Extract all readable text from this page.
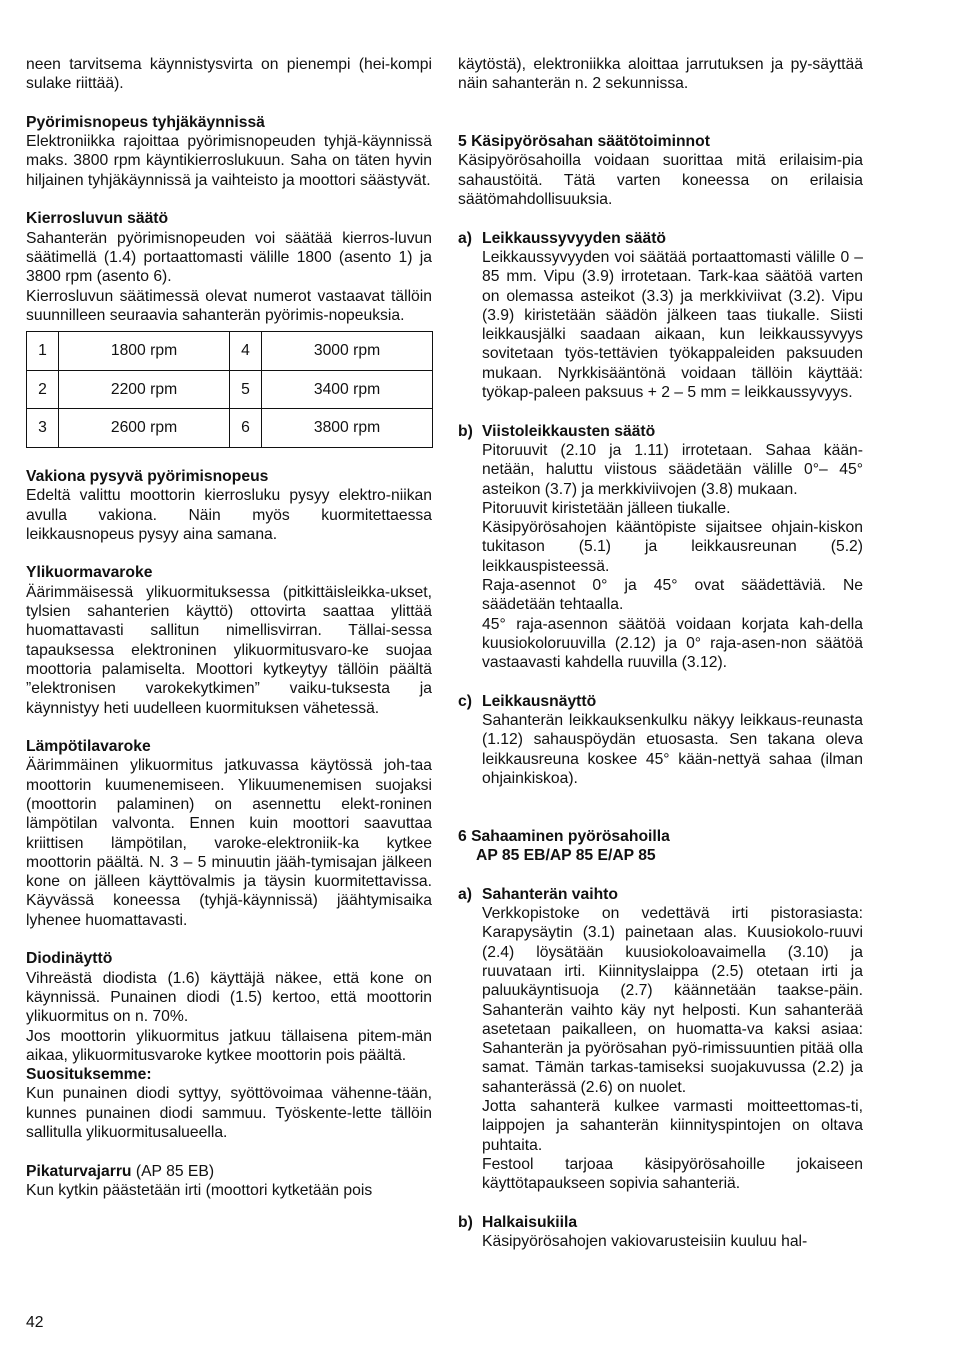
neen tarvitsema käynnistysvirta on pienempi (hei-kompi sulake riittää).

Pyörimisnopeus tyhjäkäynnissä

Elektroniikka rajoittaa pyörimisnopeuden tyhjä-käynnissä maks. 3800 rpm käyntikierroslukuun. Saha on täten hyvin hiljainen tyhjäkäynnissä ja vaihteisto ja moottori säästyvät.

Kierrosluvun säätö

Sahanterän pyörimisnopeuden voi säätää kierros-luvun säätimellä (1.4) portaattomasti välille 1800 (asento 1) ja 3800 rpm (asento 6).

Kierrosluvun säätimessä olevat numerot vastaavat tällöin suunnilleen seuraavia sahanterän pyörimis-nopeuksia.

1	1800 rpm	4	3000 rpm
2	2200 rpm	5	3400 rpm
3	2600 rpm	6	3800 rpm
Vakiona pysyvä pyörimisnopeus

Edeltä valittu moottorin kierrosluku pysyy elektro-niikan avulla vakiona. Näin myös kuormitettaessa leikkausnopeus pysyy aina samana.

Ylikuormavaroke

Äärimmäisessä ylikuormituksessa (pitkittäisleikka-ukset, tylsien sahanterien käyttö) ottovirta saattaa ylittää huomattavasti sallitun nimellisvirran. Tällai-sessa tapauksessa elektroninen ylikuormitusvaro-ke suojaa moottoria palamiselta. Moottori kytkeytyy tällöin päältä ”elektronisen varokekytkimen” vaiku-tuksesta ja käynnistyy heti uudelleen kuormituksen vähetessä.

Lämpötilavaroke

Äärimmäinen ylikuormitus jatkuvassa käytössä joh-taa moottorin kuumenemiseen. Ylikuumenemisen suojaksi (moottorin palaminen) on asennettu elekt-roninen lämpötilan valvonta. Ennen kuin moottori saavuttaa kriittisen lämpötilan, varoke-elektroniik-ka kytkee moottorin päältä. N. 3 – 5 minuutin jääh-tymisajan jälkeen kone on jälleen käyttövalmis ja täysin kuormitettavissa. Käyvässä koneessa (tyhjä-käynnissä) jäähtymisaika lyhenee huomattavasti.

Diodinäyttö

Vihreästä diodista (1.6) käyttäjä näkee, että kone on käynnissä. Punainen diodi (1.5) kertoo, että moottorin ylikuormitus on n. 70%.

Jos moottorin ylikuormitus jatkuu tällaisena pitem-män aikaa, ylikuormitusvaroke kytkee moottorin pois päältä.

Suosituksemme:

Kun punainen diodi syttyy, syöttövoimaa vähenne-tään, kunnes punainen diodi sammuu. Työskente-lette tällöin sallitulla ylikuormitusalueella.

Pikaturvajarru (AP 85 EB)

Kun kytkin päästetään irti (moottori kytketään pois

käytöstä), elektroniikka aloittaa jarrutuksen ja py-säyttää näin sahanterän n. 2 sekunnissa.

5 Käsipyörösahan säätötoiminnot

Käsipyörösahoilla voidaan suorittaa mitä erilaisim-pia sahaustöitä. Tätä varten koneessa on erilaisia säätömahdollisuuksia.

a) Leikkaussyvyyden säätö

Leikkaussyvyyden voi säätää portaattomasti välille 0 – 85 mm. Vipu (3.9) irrotetaan. Tark-kaa säätöä varten on olemassa asteikot (3.3) ja merkkiviivat (3.2). Vipu (3.9) kiristetään säädön jälkeen taas tiukalle. Siisti leikkausjälki saadaan aikaan, kun leikkaussyvyys sovitetaan työs-tettävien työkappaleiden paksuuden mukaan. Nyrkkisääntönä voidaan tällöin käyttää: työkap-paleen paksuus + 2 – 5 mm = leikkaussyvyys.

b) Viistoleikkausten säätö

Pitoruuvit (2.10 ja 1.11) irrotetaan. Sahaa kään-netään, haluttu viistous säädetään välille 0°– 45° asteikon (3.7) ja merkkiviivojen (3.8) mukaan.

Pitoruuvit kiristetään jälleen tiukalle.

Käsipyörösahojen kääntöpiste sijaitsee ohjain-kiskon tukitason (5.1) ja leikkausreunan (5.2) leikkauspisteessä.

Raja-asennot 0° ja 45° ovat säädettäviä. Ne säädetään tehtaalla.

45° raja-asennon säätöä voidaan korjata kah-della kuusiokoloruuvilla (2.12) ja 0° raja-asen-non säätöä vastaavasti kahdella ruuvilla (3.12).

c) Leikkausnäyttö

Sahanterän leikkauksenkulku näkyy leikkaus-reunasta (1.12) sahauspöydän etuosasta. Sen takana oleva leikkausreuna koskee 45° kään-nettyä sahaa (ilman ohjainkiskoa).

6 Sahaaminen pyörösahoilla
AP 85 EB/AP 85 E/AP 85
a) Sahanterän vaihto

Verkkopistoke on vedettävä irti pistorasiasta: Karapysäytin (3.1) painetaan alas. Kuusiokolo-ruuvi (2.4) löysätään kuusiokoloavaimella (3.10) ja ruuvataan irti. Kiinnityslaippa (2.5) otetaan irti ja paluukäyntisuoja (2.7) käännetään taakse-päin. Sahanterän vaihto käy nyt helposti. Kun sahanterää asetetaan paikalleen, on huomatta-va kaksi asiaa: Sahanterän ja pyörösahan pyö-rimissuuntien pitää olla samat. Tämän tarkas-tamiseksi suojakuvussa (2.2) ja sahanterässä (2.6) on nuolet.

Jotta sahanterä kulkee varmasti moitteettomas-ti, laippojen ja sahanterän kiinnityspintojen on oltava puhtaita.

Festool tarjoaa käsipyörösahoille jokaiseen käyttötapaukseen sopivia sahanteriä.

b) Halkaisukiila

Käsipyörösahojen vakiovarusteisiin kuuluu hal-

42
